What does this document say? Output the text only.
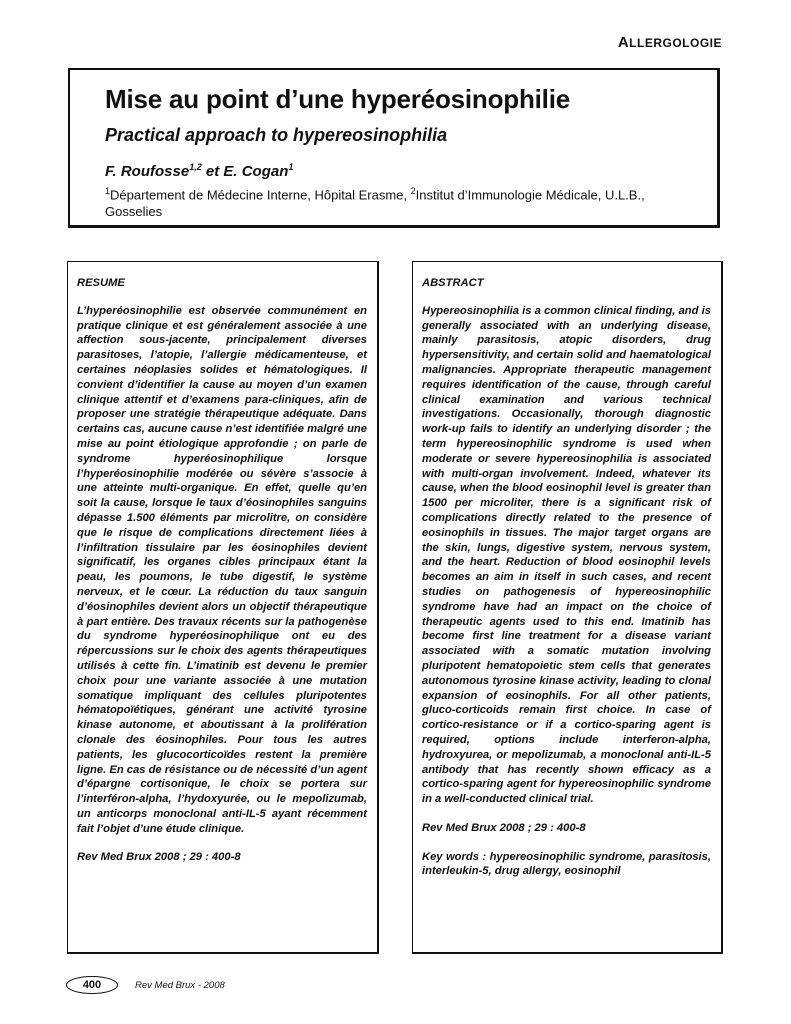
ALLERGOLOGIE
Mise au point d’une hyperéosinophilie
Practical approach to hypereosinophilia

F. Roufosse$^{1,2}$ et E. Cogan$^1$

$^1$Département de Médecine Interne, Hôpital Erasme, $^2$Institut d’Immunologie Médicale, U.L.B., Gosselies

RESUME

L’hyperéosinophilie est observée communément en pratique clinique et est généralement associée à une affection sous-jacente, principalement diverses parasitoses, l’atopie, l’allergie médicamenteuse, et certaines néoplasies solides et hématologiques. Il convient d’identifier la cause au moyen d’un examen clinique attentif et d’examens para-cliniques, afin de proposer une stratégie thérapeutique adéquate. Dans certains cas, aucune cause n’est identifiée malgré une mise au point étiologique approfondie ; on parle de syndrome hyperéosinophilique lorsque l’hyperéosinophilie modérée ou sévère s’associe à une atteinte multi-organique. En effet, quelle qu’en soit la cause, lorsque le taux d’éosinophiles sanguins dépasse 1.500 éléments par microlitre, on considère que le risque de complications directement liées à l’infiltration tissulaire par les éosinophiles devient significatif, les organes cibles principaux étant la peau, les poumons, le tube digestif, le système nerveux, et le cœur. La réduction du taux sanguin d’éosinophiles devient alors un objectif thérapeutique à part entière. Des travaux récents sur la pathogenèse du syndrome hyperéosinophilique ont eu des répercussions sur le choix des agents thérapeutiques utilisés à cette fin. L’imatinib est devenu le premier choix pour une variante associée à une mutation somatique impliquant des cellules pluripotentes hématopoïétiques, générant une activité tyrosine kinase autonome, et aboutissant à la prolifération clonale des éosinophiles. Pour tous les autres patients, les glucocorticoïdes restent la première ligne. En cas de résistance ou de nécessité d’un agent d’épargne cortisonique, le choix se portera sur l’interféron-alpha, l’hydoxyurée, ou le mepolizumab, un anticorps monoclonal anti-IL-5 ayant récemment fait l’objet d’une étude clinique.

Rev Med Brux 2008 ; 29 : 400-8

ABSTRACT

Hypereosinophilia is a common clinical finding, and is generally associated with an underlying disease, mainly parasitosis, atopic disorders, drug hypersensitivity, and certain solid and haematological malignancies. Appropriate therapeutic management requires identification of the cause, through careful clinical examination and various technical investigations. Occasionally, thorough diagnostic work-up fails to identify an underlying disorder ; the term hypereosinophilic syndrome is used when moderate or severe hypereosinophilia is associated with multi-organ involvement. Indeed, whatever its cause, when the blood eosinophil level is greater than 1500 per microliter, there is a significant risk of complications directly related to the presence of eosinophils in tissues. The major target organs are the skin, lungs, digestive system, nervous system, and the heart. Reduction of blood eosinophil levels becomes an aim in itself in such cases, and recent studies on pathogenesis of hypereosinophilic syndrome have had an impact on the choice of therapeutic agents used to this end. Imatinib has become first line treatment for a disease variant associated with a somatic mutation involving pluripotent hematopoietic stem cells that generates autonomous tyrosine kinase activity, leading to clonal expansion of eosinophils. For all other patients, gluco-corticoids remain first choice. In case of cortico-resistance or if a cortico-sparing agent is required, options include interferon-alpha, hydroxyurea, or mepolizumab, a monoclonal anti-IL-5 antibody that has recently shown efficacy as a cortico-sparing agent for hypereosinophilic syndrome in a well-conducted clinical trial.

Rev Med Brux 2008 ; 29 : 400-8

Key words : hypereosinophilic syndrome, parasitosis, interleukin-5, drug allergy, eosinophil

400	Rev Med Brux - 2008
